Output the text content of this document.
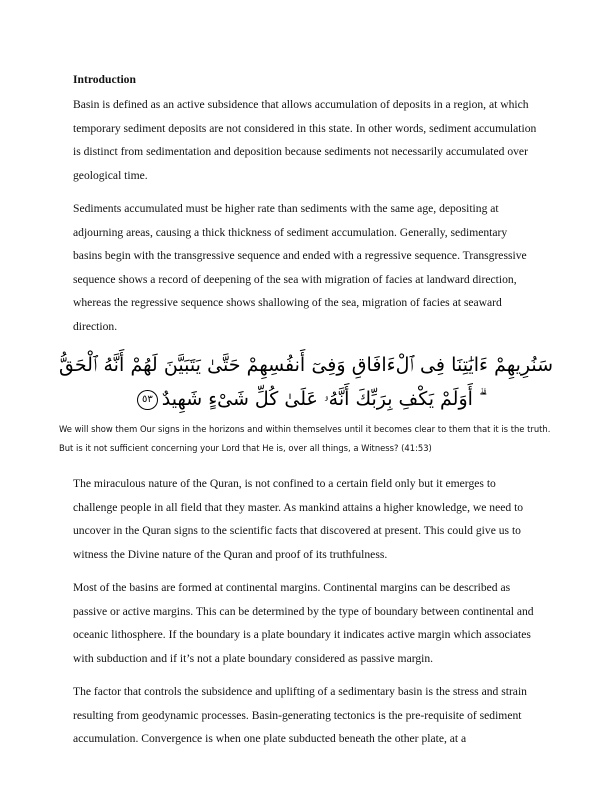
Introduction

Basin is defined as an active subsidence that allows accumulation of deposits in a region, at which temporary sediment deposits are not considered in this state. In other words, sediment accumulation is distinct from sedimentation and deposition because sediments not necessarily accumulated over geological time.

Sediments accumulated must be higher rate than sediments with the same age, depositing at adjourning areas, causing a thick thickness of sediment accumulation. Generally, sedimentary basins begin with the transgressive sequence and ended with a regressive sequence. Transgressive sequence shows a record of deepening of the sea with migration of facies at landward direction, whereas the regressive sequence shows shallowing of the sea, migration of facies at seaward direction.

سَنُرِيهِمْ ءَايَٰتِنَا فِى ٱلْءَافَاقِ وَفِىٓ أَنفُسِهِمْ حَتَّىٰ يَتَبَيَّنَ لَهُمْ أَنَّهُ ٱلْحَقُّ ۗ أَوَلَمْ يَكْفِ بِرَبِّكَ أَنَّهُۥ عَلَىٰ كُلِّ شَىْءٍ شَهِيدٌ٥٣

We will show them Our signs in the horizons and within themselves until it becomes clear to them that it is the truth. But is it not sufficient concerning your Lord that He is, over all things, a Witness? (41:53)

The miraculous nature of the Quran, is not confined to a certain field only but it emerges to challenge people in all field that they master. As mankind attains a higher knowledge, we need to uncover in the Quran signs to the scientific facts that discovered at present. This could give us to witness the Divine nature of the Quran and proof of its truthfulness.

Most of the basins are formed at continental margins. Continental margins can be described as passive or active margins. This can be determined by the type of boundary between continental and oceanic lithosphere. If the boundary is a plate boundary it indicates active margin which associates with subduction and if it’s not a plate boundary considered as passive margin.

The factor that controls the subsidence and uplifting of a sedimentary basin is the stress and strain resulting from geodynamic processes. Basin-generating tectonics is the pre-requisite of sediment accumulation. Convergence is when one plate subducted beneath the other plate, at a
